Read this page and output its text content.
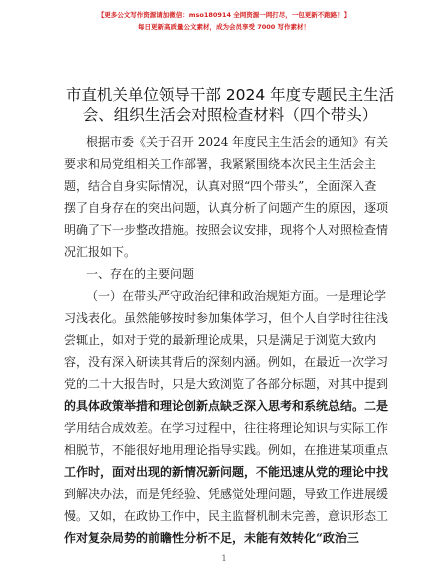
【更多公文写作资源请加微信：mso180914 全网资源一网打尽，一包更新不跑路！】
每日更新高质量公文素材，成为会员享受 7000 写作素材！
市直机关单位领导干部 2024 年度专题民主生活
会、组织生活会对照检查材料（四个带头）
根据市委《关于召开 2024 年度民主生活会的通知》有关
要求和局党组相关工作部署，我紧紧围绕本次民主生活会主
题，结合自身实际情况，认真对照“四个带头”，全面深入查
摆了自身存在的突出问题，认真分析了问题产生的原因，逐项
明确了下一步整改措施。按照会议安排，现将个人对照检查情
况汇报如下。
一、存在的主要问题
（一）在带头严守政治纪律和政治规矩方面。一是理论学
习浅表化。虽然能够按时参加集体学习，但个人自学时往往浅
尝辄止，如对于党的最新理论成果，只是满足于浏览大致内
容，没有深入研读其背后的深刻内涵。例如，在最近一次学习
党的二十大报告时，只是大致浏览了各部分标题，对其中提到
的具体政策举措和理论创新点缺乏深入思考和系统总结。二是
学用结合成效差。在学习过程中，往往将理论知识与实际工作
相脱节，不能很好地用理论指导实践。例如，在推进某项重点
工作时，面对出现的新情况新问题，不能迅速从党的理论中找
到解决办法，而是凭经验、凭感觉处理问题，导致工作进展缓
慢。又如，在政协工作中，民主监督机制未完善，意识形态工
作对复杂局势的前瞻性分析不足，未能有效转化“政治三
1
